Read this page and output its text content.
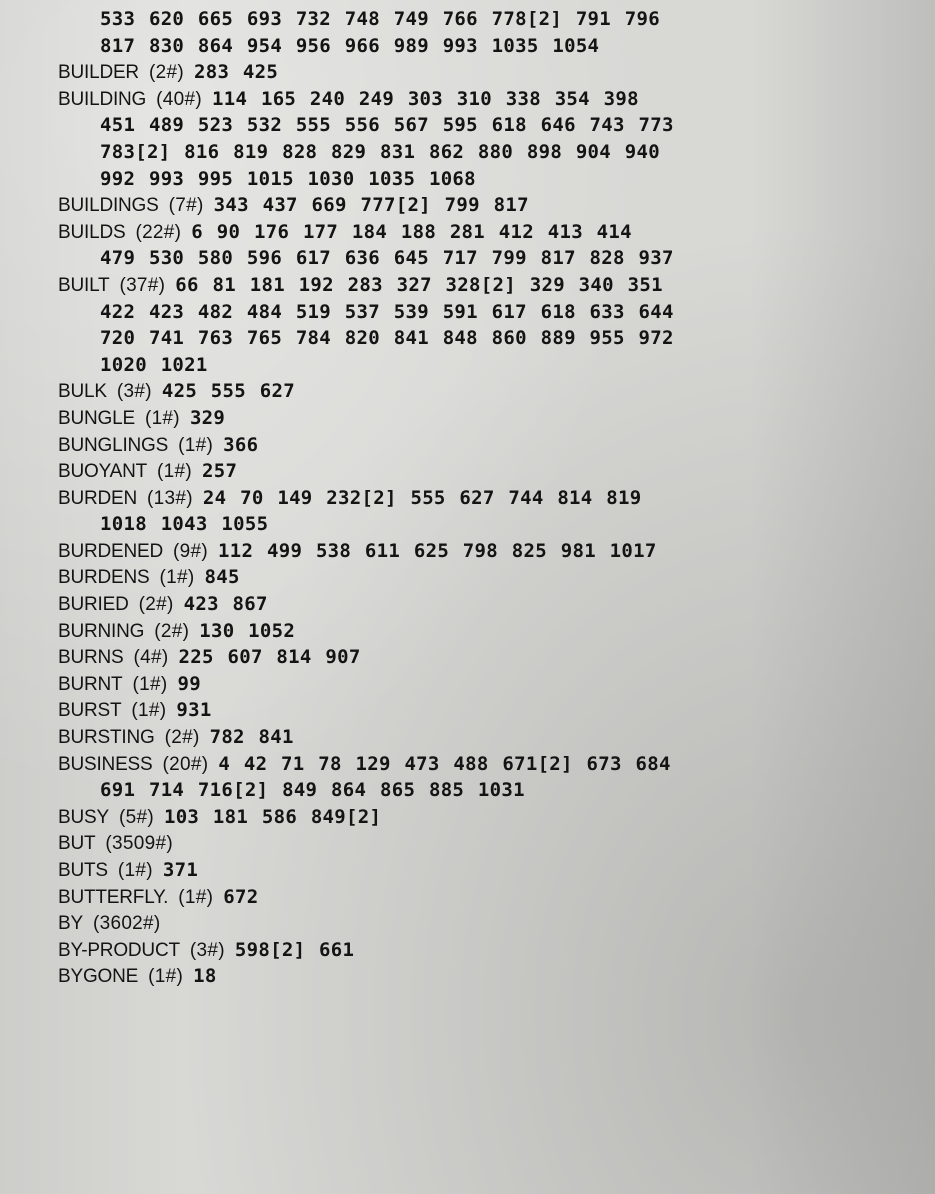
533 620 665 693 732 748 749 766 778[2] 791 796
817 830 864 954 956 966 989 993 1035 1054
BUILDER (2#) 283 425
BUILDING (40#) 114 165 240 249 303 310 338 354 398
451 489 523 532 555 556 567 595 618 646 743 773
783[2] 816 819 828 829 831 862 880 898 904 940
992 993 995 1015 1030 1035 1068
BUILDINGS (7#) 343 437 669 777[2] 799 817
BUILDS (22#) 6 90 176 177 184 188 281 412 413 414
479 530 580 596 617 636 645 717 799 817 828 937
BUILT (37#) 66 81 181 192 283 327 328[2] 329 340 351
422 423 482 484 519 537 539 591 617 618 633 644
720 741 763 765 784 820 841 848 860 889 955 972
1020 1021
BULK (3#) 425 555 627
BUNGLE (1#) 329
BUNGLINGS (1#) 366
BUOYANT (1#) 257
BURDEN (13#) 24 70 149 232[2] 555 627 744 814 819
1018 1043 1055
BURDENED (9#) 112 499 538 611 625 798 825 981 1017
BURDENS (1#) 845
BURIED (2#) 423 867
BURNING (2#) 130 1052
BURNS (4#) 225 607 814 907
BURNT (1#) 99
BURST (1#) 931
BURSTING (2#) 782 841
BUSINESS (20#) 4 42 71 78 129 473 488 671[2] 673 684
691 714 716[2] 849 864 865 885 1031
BUSY (5#) 103 181 586 849[2]
BUT (3509#)
BUTS (1#) 371
BUTTERFLY. (1#) 672
BY (3602#)
BY-PRODUCT (3#) 598[2] 661
BYGONE (1#) 18
